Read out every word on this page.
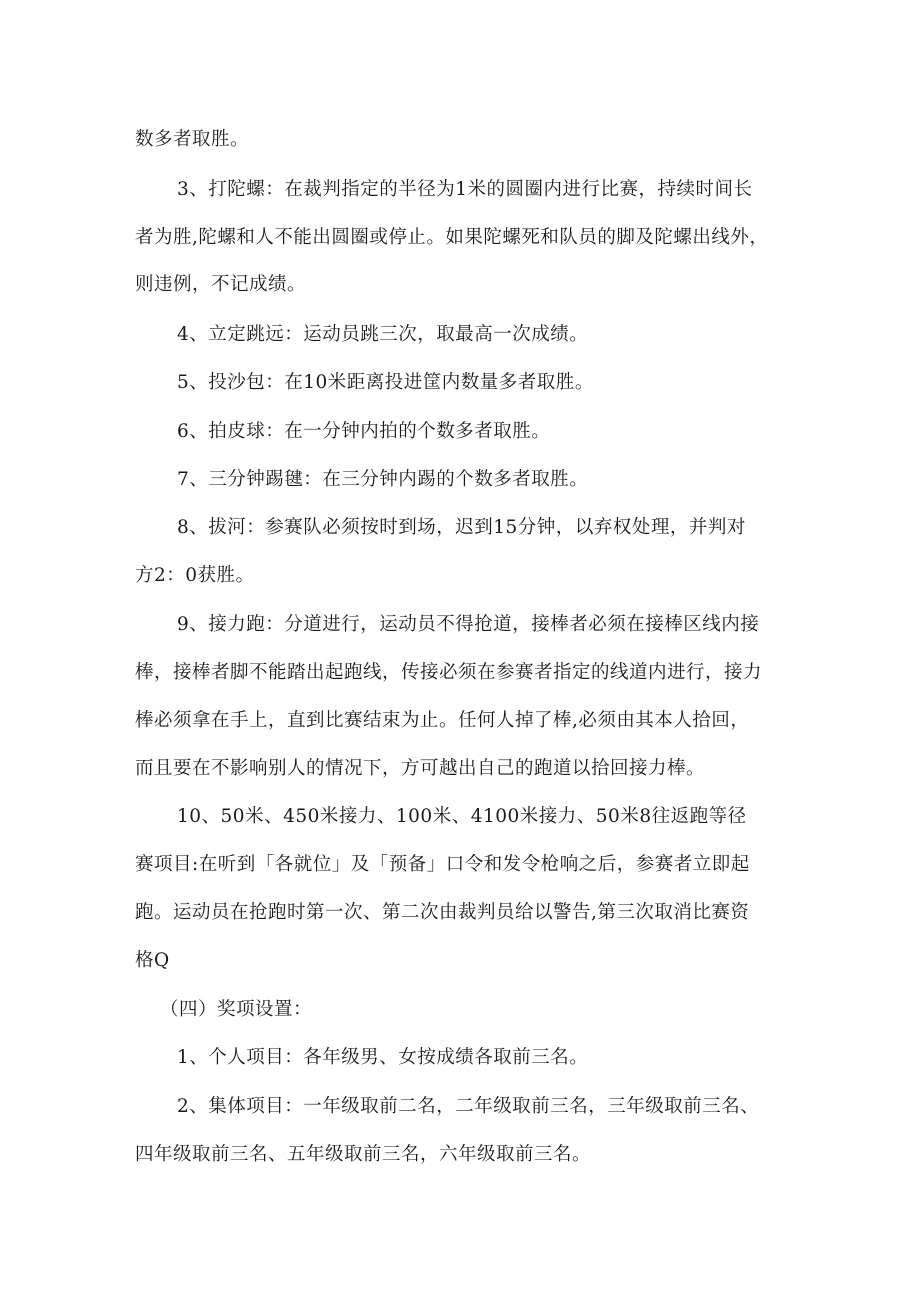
数多者取胜。
3、打陀螺：在裁判指定的半径为1米的圆圈内进行比赛，持续时间长
者为胜,陀螺和人不能出圆圈或停止。如果陀螺死和队员的脚及陀螺出线外，
则违例，不记成绩。
4、立定跳远：运动员跳三次，取最高一次成绩。
5、投沙包：在10米距离投进筐内数量多者取胜。
6、拍皮球：在一分钟内拍的个数多者取胜。
7、三分钟踢毽：在三分钟内踢的个数多者取胜。
8、拔河：参赛队必须按时到场，迟到15分钟，以弃权处理，并判对
方2：0获胜。
9、接力跑：分道进行，运动员不得抢道，接棒者必须在接棒区线内接
棒，接棒者脚不能踏出起跑线，传接必须在参赛者指定的线道内进行，接力
棒必须拿在手上，直到比赛结束为止。任何人掉了棒,必须由其本人拾回，
而且要在不影响别人的情况下，方可越出自己的跑道以拾回接力棒。
10、50米、450米接力、100米、4100米接力、50米8往返跑等径
赛项目:在听到「各就位」及「预备」口令和发令枪响之后，参赛者立即起
跑。运动员在抢跑时第一次、第二次由裁判员给以警告,第三次取消比赛资
格Q
（四）奖项设置：
1、个人项目：各年级男、女按成绩各取前三名。
2、集体项目：一年级取前二名，二年级取前三名，三年级取前三名、
四年级取前三名、五年级取前三名，六年级取前三名。
